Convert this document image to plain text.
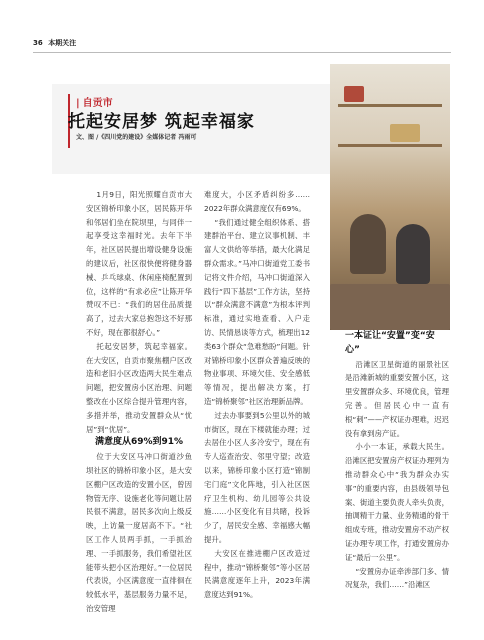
36 本期关注
| 自贡市
托起安居梦 筑起幸福家
文、图 /《四川党的建设》全媒体记者 冯雨可

1月9日，阳光照耀自贡市大安区锦桥印象小区，居民陈开华和邻居们坐在院坝里，与同伴一起享受这幸福时光。去年下半年，社区居民提出增设健身设施的建议后，社区很快便将健身器械、乒乓球桌、休闲座椅配置到位，这样的“有求必应”让陈开华赞叹不已：“我们的居住品质提高了，过去大家总抱怨这不好那不好，现在都很舒心。”

托起安居梦，筑起幸福家。在大安区，自贡市聚焦棚户区改造和老旧小区改造两大民生难点问题，把安置房小区治理、问题整改在小区综合提升管理内容，多措并举，推动安置群众从“忧居”到“优居”。

满意度从69%到91%

位于大安区马冲口街道沙鱼坝社区的锦桥印象小区，是大安区棚户区改造的安置小区，曾因物管无序、设施老化等问题让居民很不满意，居民多次向上级反映，上访量一度居高不下。“社区工作人员两手抓，一手抓治理、一手抓服务，我们希望社区能带头把小区治理好。”一位居民代表说，小区满意度一直徘徊在较低水平，基层服务力量不足，治安管理

难度大，小区矛盾纠纷多……2022年群众满意度仅有69%。

“我们通过健全组织体系、搭建群治平台、建立议事机制、丰富人文供给等举措，最大化满足群众需求。”马冲口街道党工委书记将文件介绍，马冲口街道深入践行“四下基层”工作方法，坚持以“群众满意不满意”为根本评判标准，通过实地查看、入户走访、民情恳谈等方式，梳理出12类63个群众“急难愁盼”问题。针对锦桥印象小区群众普遍反映的物业事项、环境欠佳、安全感低等情况，提出解决方案，打造“锦桥聚邻”社区治理新品牌。

过去办事要到5公里以外的城市街区，现在下楼就能办理；过去居住小区人多冷安宁，现在有专人巡查治安、邻里守望；改造以来，锦桥印象小区打造“锦制宅门庭”文化阵地，引入社区医疗卫生机构、幼儿园等公共设施……小区变化有目共睹，投诉少了，居民安全感、幸福感大幅提升。

大安区在推进棚户区改造过程中，推动“锦桥聚邻”等小区居民满意度逐年上升，2023年满意度达到91%。

一本证让“安置”变“安心”

沿滩区卫星街道的丽景社区是沿滩新城的重要安置小区，这里安置群众多、环境优良，管理完善。但居民心中一直有根“刺”——产权证办理难，迟迟没有拿到房产证。

小小一本证，承载大民生。沿滩区把安置房产权证办理列为推动群众心中“我为群众办实事”的重要内容，由县级领导包案、街道主要负责人牵头负责，抽调精干力量、业务精通的骨干组成专班，推动安置房不动产权证办理专项工作，打通安置房办证“最后一公里”。

“安置房办证牵涉部门多、情况复杂，我们……”沿滩区
